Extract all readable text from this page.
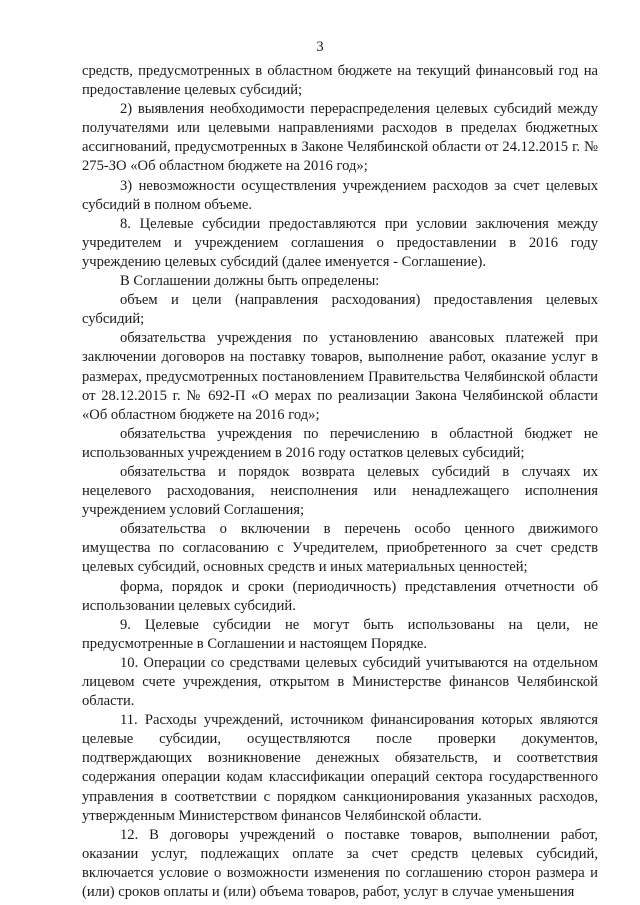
3

средств, предусмотренных в областном бюджете на текущий финансовый год на предоставление целевых субсидий;

2) выявления необходимости перераспределения целевых субсидий между получателями или целевыми направлениями расходов в пределах бюджетных ассигнований, предусмотренных в Законе Челябинской области от 24.12.2015 г. № 275-ЗО «Об областном бюджете на 2016 год»;

3) невозможности осуществления учреждением расходов за счет целевых субсидий в полном объеме.

8. Целевые субсидии предоставляются при условии заключения между учредителем и учреждением соглашения о предоставлении в 2016 году учреждению целевых субсидий (далее именуется - Соглашение).

В Соглашении должны быть определены:

объем и цели (направления расходования) предоставления целевых субсидий;

обязательства учреждения по установлению авансовых платежей при заключении договоров на поставку товаров, выполнение работ, оказание услуг в размерах, предусмотренных постановлением Правительства Челябинской области от 28.12.2015 г. № 692-П «О мерах по реализации Закона Челябинской области «Об областном бюджете на 2016 год»;

обязательства учреждения по перечислению в областной бюджет не использованных учреждением в 2016 году остатков целевых субсидий;

обязательства и порядок возврата целевых субсидий в случаях их нецелевого расходования, неисполнения или ненадлежащего исполнения учреждением условий Соглашения;

обязательства о включении в перечень особо ценного движимого имущества по согласованию с Учредителем, приобретенного за счет средств целевых субсидий, основных средств и иных материальных ценностей;

форма, порядок и сроки (периодичность) представления отчетности об использовании целевых субсидий.

9. Целевые субсидии не могут быть использованы на цели, не предусмотренные в Соглашении и настоящем Порядке.

10. Операции со средствами целевых субсидий учитываются на отдельном лицевом счете учреждения, открытом в Министерстве финансов Челябинской области.

11. Расходы учреждений, источником финансирования которых являются целевые субсидии, осуществляются после проверки документов, подтверждающих возникновение денежных обязательств, и соответствия содержания операции кодам классификации операций сектора государственного управления в соответствии с порядком санкционирования указанных расходов, утвержденным Министерством финансов Челябинской области.

12. В договоры учреждений о поставке товаров, выполнении работ, оказании услуг, подлежащих оплате за счет средств целевых субсидий, включается условие о возможности изменения по соглашению сторон размера и (или) сроков оплаты и (или) объема товаров, работ, услуг в случае уменьшения
